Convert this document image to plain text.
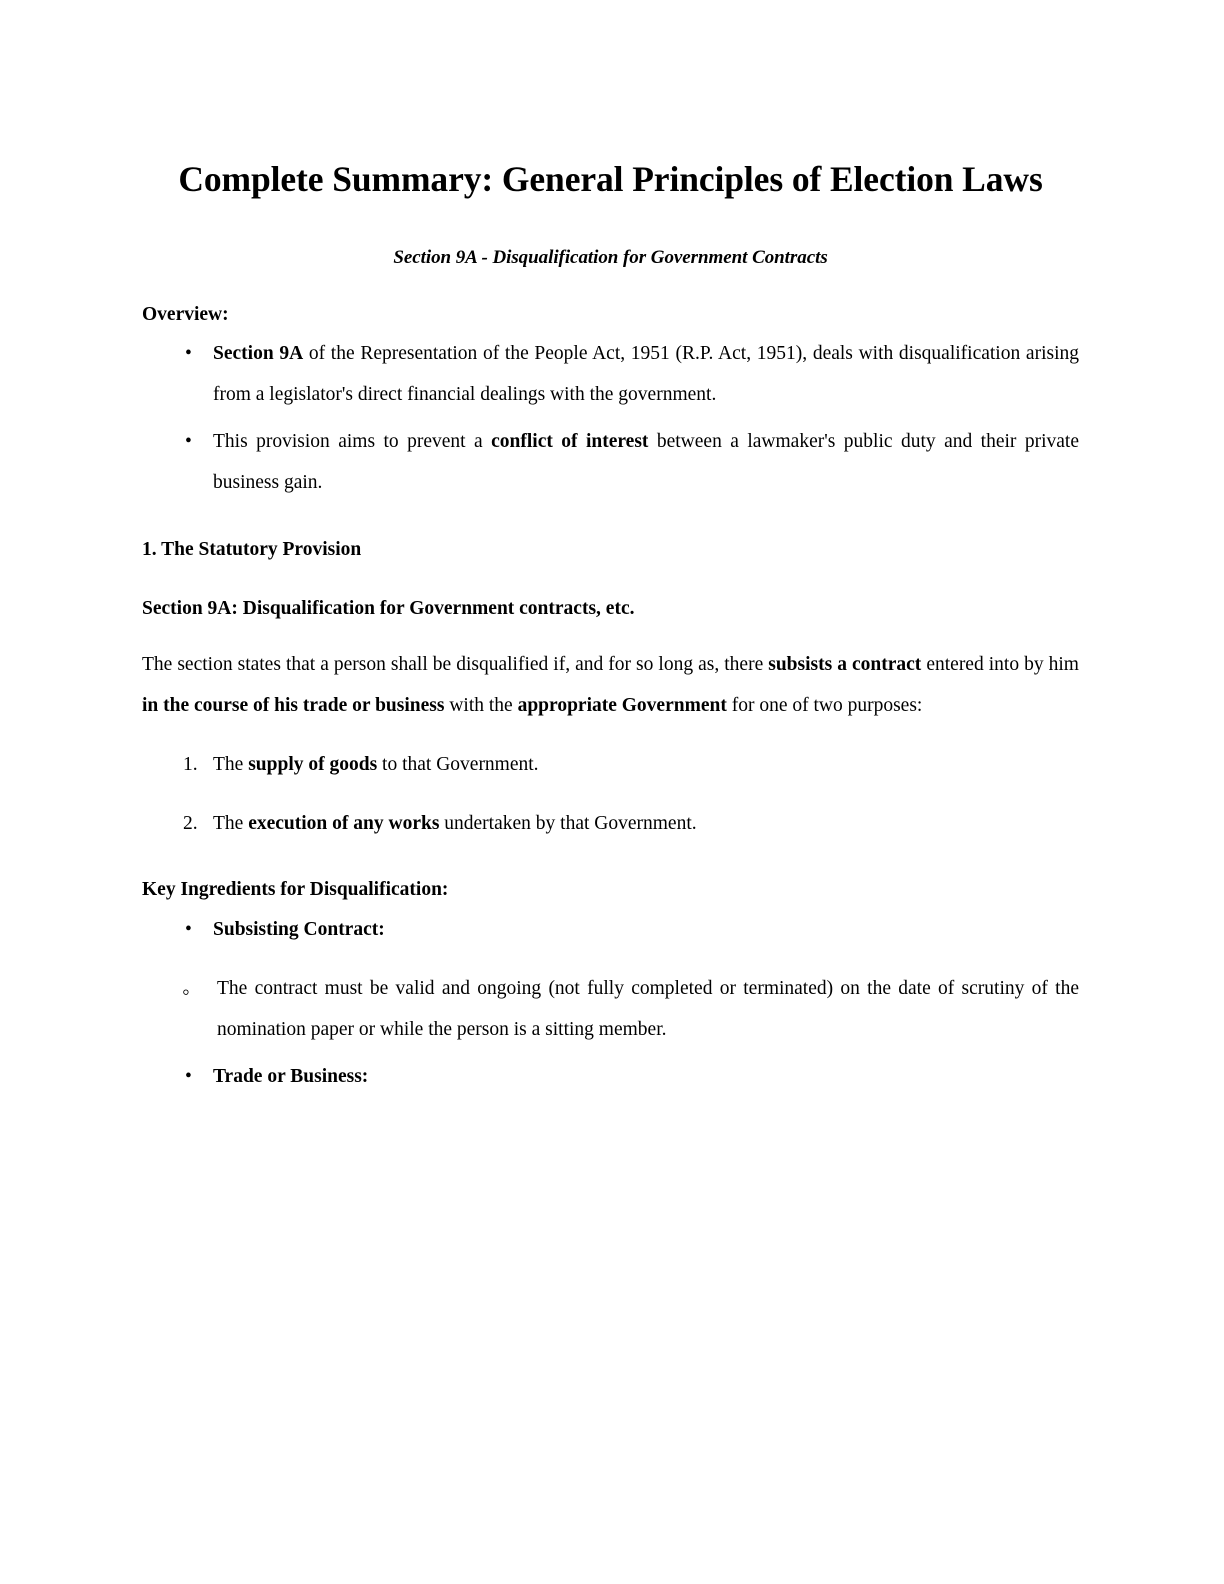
Complete Summary: General Principles of Election Laws
Section 9A - Disqualification for Government Contracts
Overview:
• Section 9A of the Representation of the People Act, 1951 (R.P. Act, 1951), deals with disqualification arising from a legislator's direct financial dealings with the government.
• This provision aims to prevent a conflict of interest between a lawmaker's public duty and their private business gain.
1. The Statutory Provision
Section 9A: Disqualification for Government contracts, etc.

The section states that a person shall be disqualified if, and for so long as, there subsists a contract entered into by him in the course of his trade or business with the appropriate Government for one of two purposes:

1. The supply of goods to that Government.
2. The execution of any works undertaken by that Government.
Key Ingredients for Disqualification:
• Subsisting Contract:
◦ The contract must be valid and ongoing (not fully completed or terminated) on the date of scrutiny of the nomination paper or while the person is a sitting member.
• Trade or Business:
